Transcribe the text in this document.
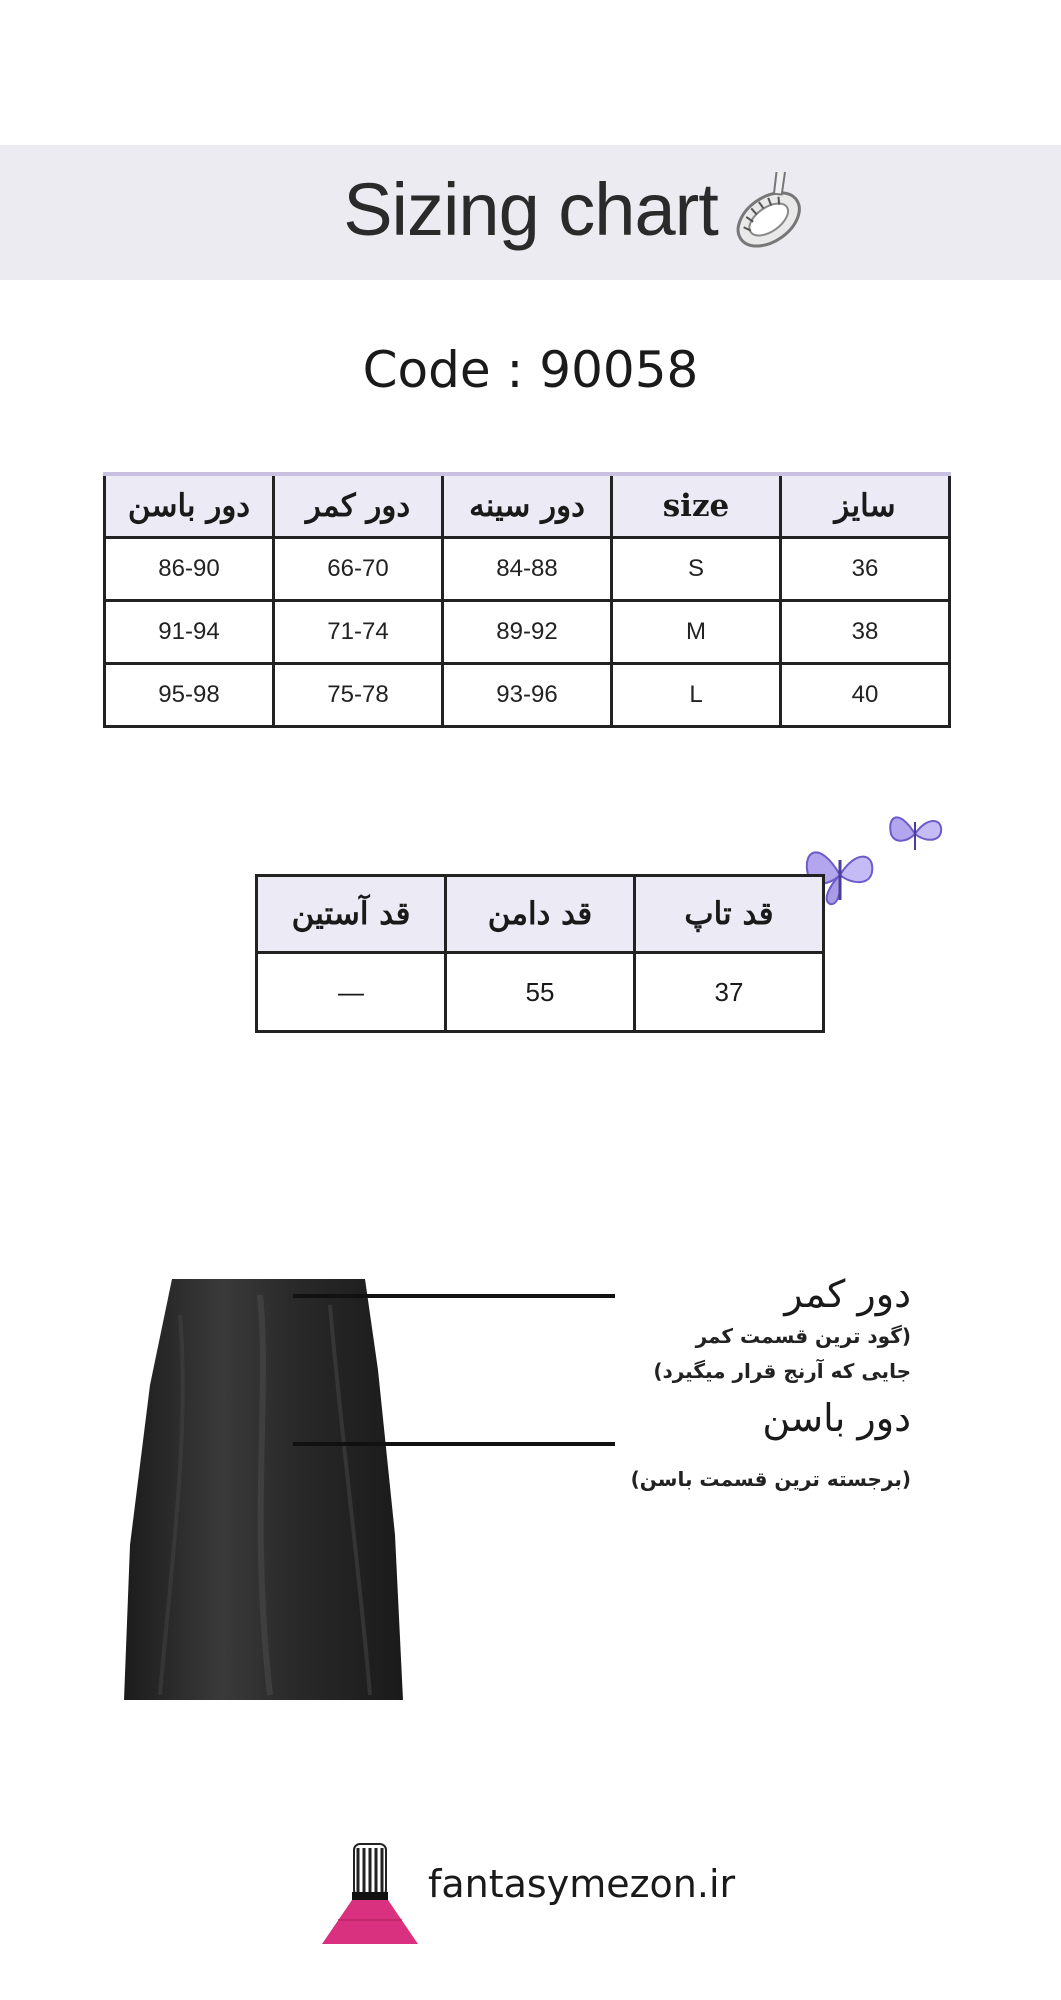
Sizing chart
Code : 90058
سایز	size	دور سینه	دور کمر	دور باسن
36	S	84-88	66-70	86-90
38	M	89-92	71-74	91-94
40	L	93-96	75-78	95-98
قد تاپ	قد دامن	قد آستین
37	55	—
دور کمر
(گود ترین قسمت کمر
جایی که آرنج قرار میگیرد)
دور باسن
(برجسته ترین قسمت باسن)
fantasymezon.ir
